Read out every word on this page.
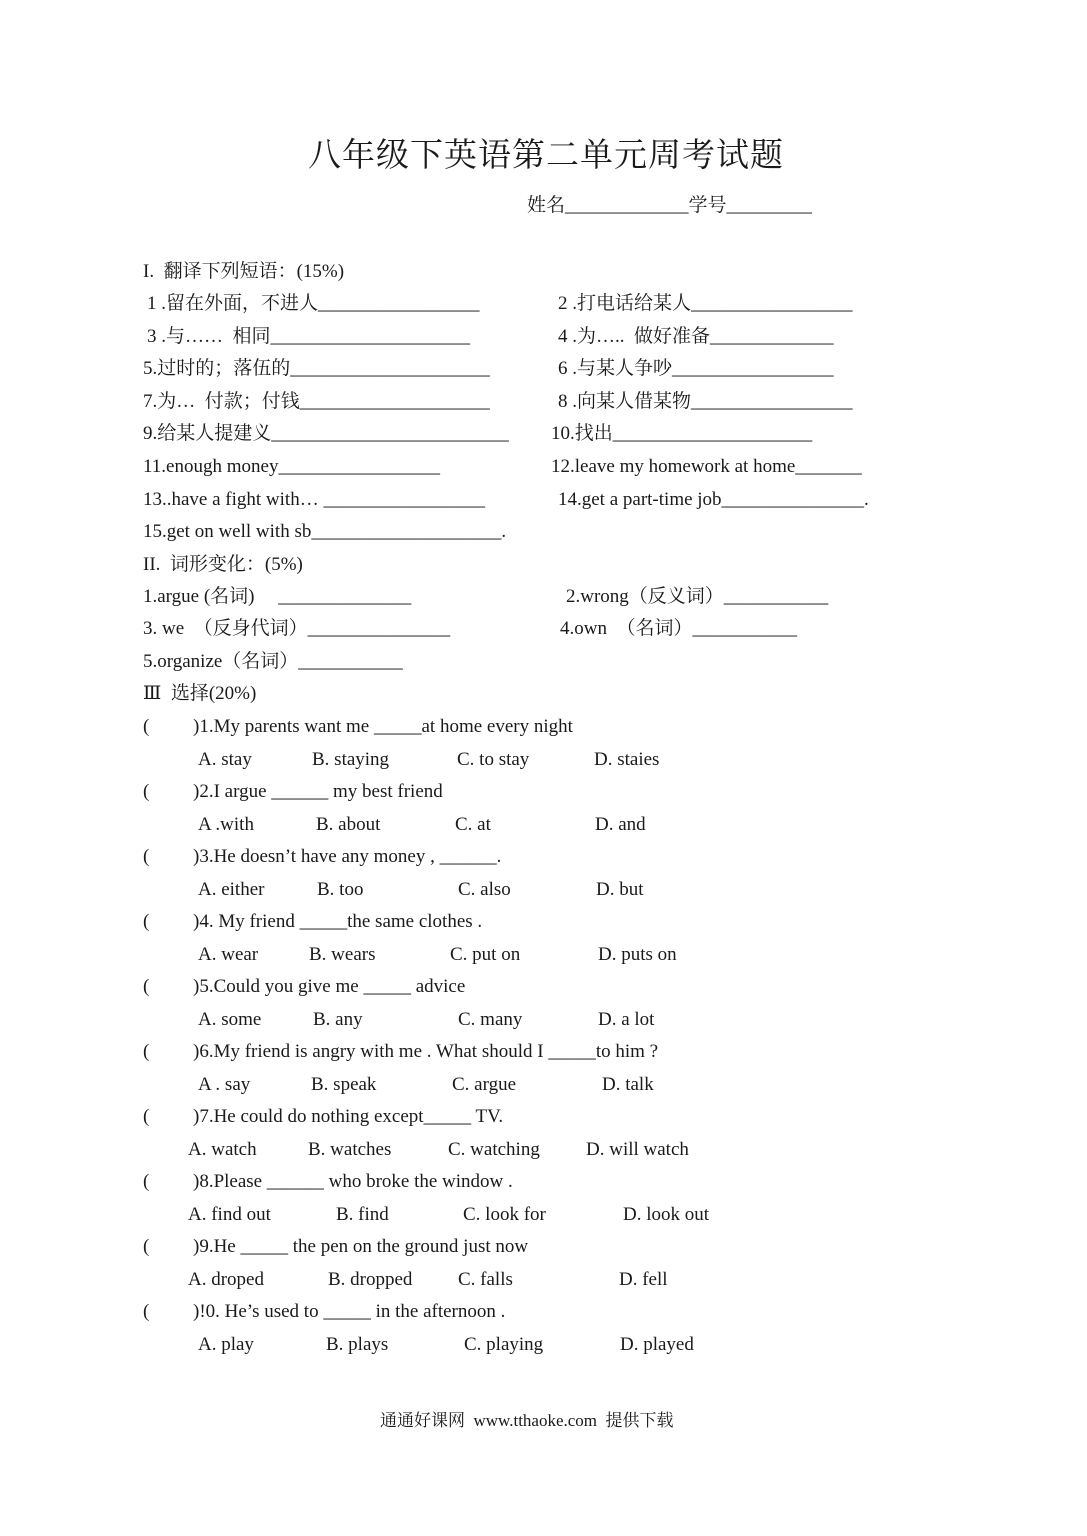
八年级下英语第二单元周考试题
姓名_____________学号_________
I.  翻译下列短语：(15%)
1 .留在外面，不进人_________________	2 .打电话给某人_________________
3 .与……  相同_____________________	4 .为…..  做好准备_____________
5.过时的；落伍的_____________________	6 .与某人争吵_________________
7.为…  付款；付钱____________________	8 .向某人借某物_________________
9.给某人提建义_________________________ 10.找出_____________________
11.enough money_________________	12.leave my homework at home_______
13..have a fight with… _________________	14.get a part-time job_______________.
15.get on well with sb____________________.
II.  词形变化：(5%)
1.argue (名词)     ______________	2.wrong（反义词）___________
3. we  （反身代词）_______________	4.own  （名词）___________
5.organize（名词）___________
Ⅲ  选择(20%)
( )1.My parents want me _____at home every night
A. stay	B. staying	C. to stay	D. staies
( )2.I argue ______ my best friend
A .with	B. about	C. at	D. and
( )3.He doesn’t have any money , ______.
A. either	B. too	C. also	D. but
( )4. My friend _____the same clothes .
A. wear	B. wears	C. put on	D. puts on
( )5.Could you give me _____ advice
A. some	B. any	C. many	D. a lot
( )6.My friend is angry with me . What should I _____to him ?
A . say	B. speak	C. argue	D. talk
( )7.He could do nothing except_____ TV.
A. watch	B. watches	C. watching D. will watch
( )8.Please ______ who broke the window .
A. find out	B. find	C. look for	D. look out
( )9.He _____ the pen on the ground just now
A. droped	B. dropped C. falls	D. fell
( )!0. He’s used to _____ in the afternoon .
A. play	B. plays	C. playing	D. played
通通好课网  www.tthaoke.com  提供下载
